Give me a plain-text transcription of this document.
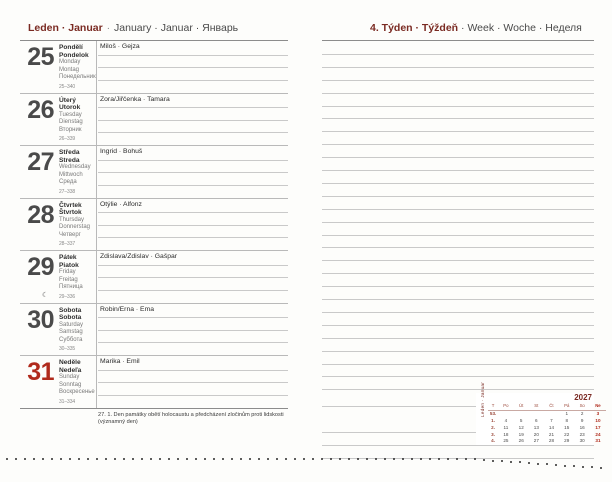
Leden · Januar · January · Januar · Январь
25 Pondělí
Pondelok
Monday
Montag
Понедельник
25–340
Miloš · Gejza
26 Úterý
Utorok
Tuesday
Dienstag
Вторник
26–339
Zora/Jiřčenka · Tamara
27 Středa
Streda
Wednesday
Mittwoch
Среда
27–338
Ingrid · Bohuš
28 Čtvrtek
Štvrtok
Thursday
Donnerstag
Четверг
28–337
Otýlie · Alfonz
29 Pátek
Piatok
Friday
Freitag
Пятница
29–336
☾
Zdislava/Zdislav · Gašpar
30 Sobota
Sobota
Saturday
Samstag
Суббота
30–335
Robin/Erna · Ema
31 Neděle
Nedeľa
Sunday
Sonntag
Воскресенье
31–334
Marika · Emil
27. 1. Den památky obětí holocaustu a předcházení zločinům proti lidskosti (významný den)
4. Týden · Týždeň · Week · Woche · Неделя
2027
Leden · Januar T	Po	Út	St	Čt	Pá	So	Ne
53.					1	2	3
1.	4	5	6	7	8	9	10
2.	11	12	13	14	15	16	17
3.	18	19	20	21	22	23	24
4.	25	26	27	28	29	30	31
